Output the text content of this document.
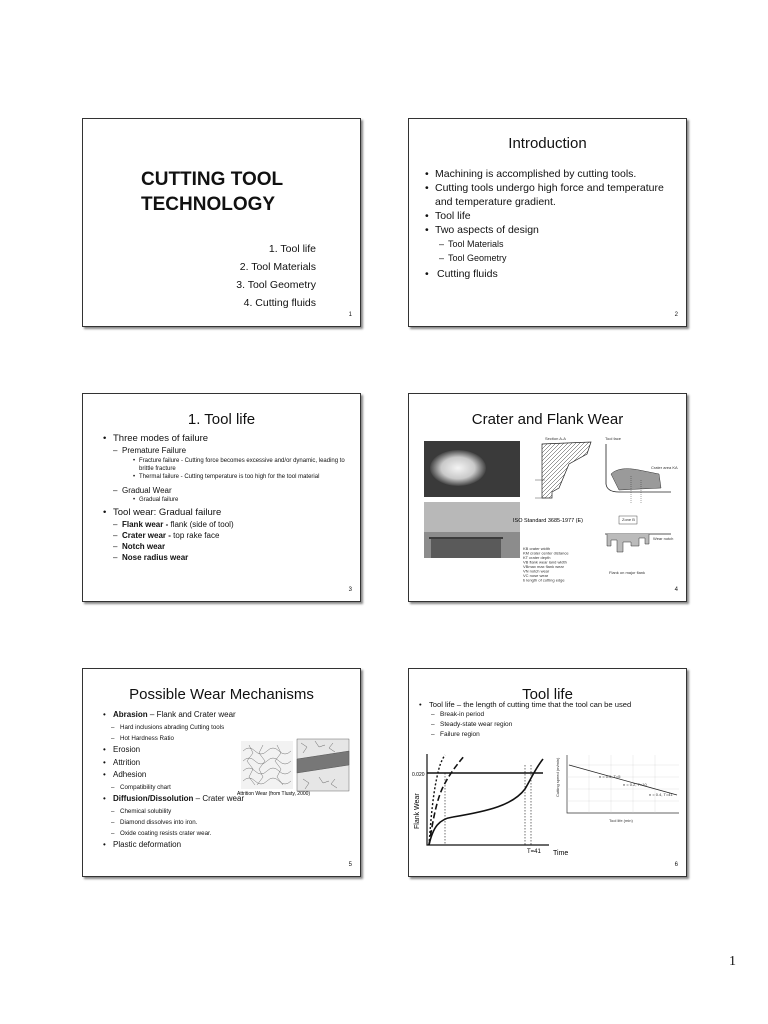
CUTTING TOOL
TECHNOLOGY
1. Tool life
2. Tool Materials
3. Tool Geometry
4. Cutting fluids
1
Introduction
• Machining is accomplished by cutting tools.
• Cutting tools undergo high force and temperature and temperature gradient.
• Tool life
• Two aspects of design
– Tool Materials
– Tool Geometry
• Cutting fluids
2
1. Tool life
• Three modes of failure
– Premature Failure
• Fracture failure - Cutting force becomes excessive and/or dynamic, leading to brittle fracture
• Thermal failure - Cutting temperature is too high for the tool material
– Gradual Wear
• Gradual failure
• Tool wear: Gradual failure
– Flank wear - flank (side of tool)
– Crater wear - top rake face
– Notch wear
– Nose radius wear
3
Crater and Flank Wear
Section A-A	Tool face
Crater area KA
ISO Standard 3685-1977 (E)	Zone B
Wear notch
Flank on major flank
KB crater width
KM crater center distance
KT crater depth
VB flank wear land width
VBmax max flank wear
VN notch wear
VC nose wear
b length of cutting edge
4
Possible Wear Mechanisms
• Abrasion – Flank and Crater wear
– Hard inclusions abrading Cutting tools
– Hot Hardness Ratio
• Erosion
• Attrition
• Adhesion
– Compatibility chart
• Diffusion/Dissolution – Crater wear
– Chemical solubility
– Diamond dissolves into iron.
– Oxide coating resists crater wear.
• Plastic deformation
Attrition Wear (from Tlusty, 2000)
5
Tool life
• Tool life – the length of cutting time that the tool can be used
– Break-in period
– Steady-state wear region
– Failure region
Flank Wear
Time
T=41
0.020	Cutting speed (m/min)
Tool life (min)
n = 0.5, T=5
n = 0.2, T=10
n = 0.4, T=41
6
1
